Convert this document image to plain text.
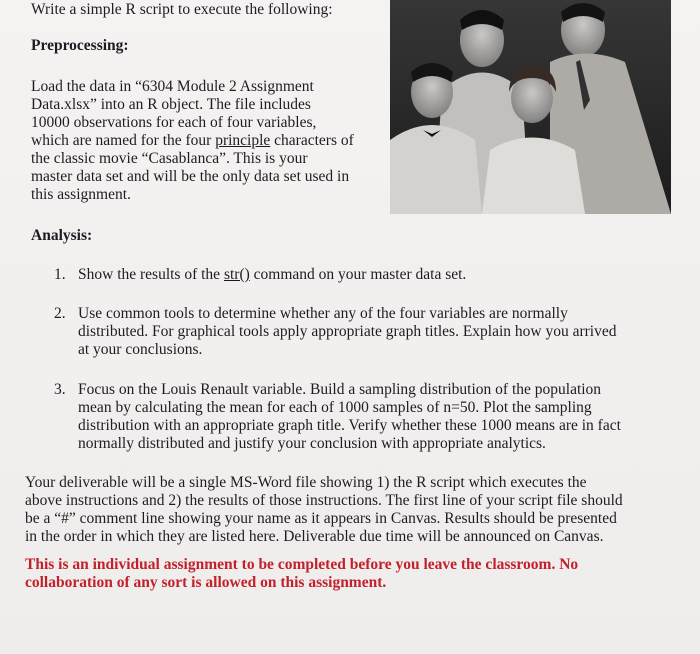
Write a simple R script to execute the following:
Preprocessing:
Load the data in “6304 Module 2 Assignment
Data.xlsx” into an R object. The file includes
10000 observations for each of four variables,
which are named for the four principle characters of
the classic movie “Casablanca”. This is your
master data set and will be the only data set used in
this assignment.
Analysis:
1. Show the results of the str() command on your master data set.
2. Use common tools to determine whether any of the four variables are normally
distributed. For graphical tools apply appropriate graph titles. Explain how you arrived
at your conclusions.
3. Focus on the Louis Renault variable. Build a sampling distribution of the population
mean by calculating the mean for each of 1000 samples of n=50. Plot the sampling
distribution with an appropriate graph title. Verify whether these 1000 means are in fact
normally distributed and justify your conclusion with appropriate analytics.
Your deliverable will be a single MS-Word file showing 1) the R script which executes the
above instructions and 2) the results of those instructions. The first line of your script file should
be a “#” comment line showing your name as it appears in Canvas. Results should be presented
in the order in which they are listed here. Deliverable due time will be announced on Canvas.
This is an individual assignment to be completed before you leave the classroom. No
collaboration of any sort is allowed on this assignment.
